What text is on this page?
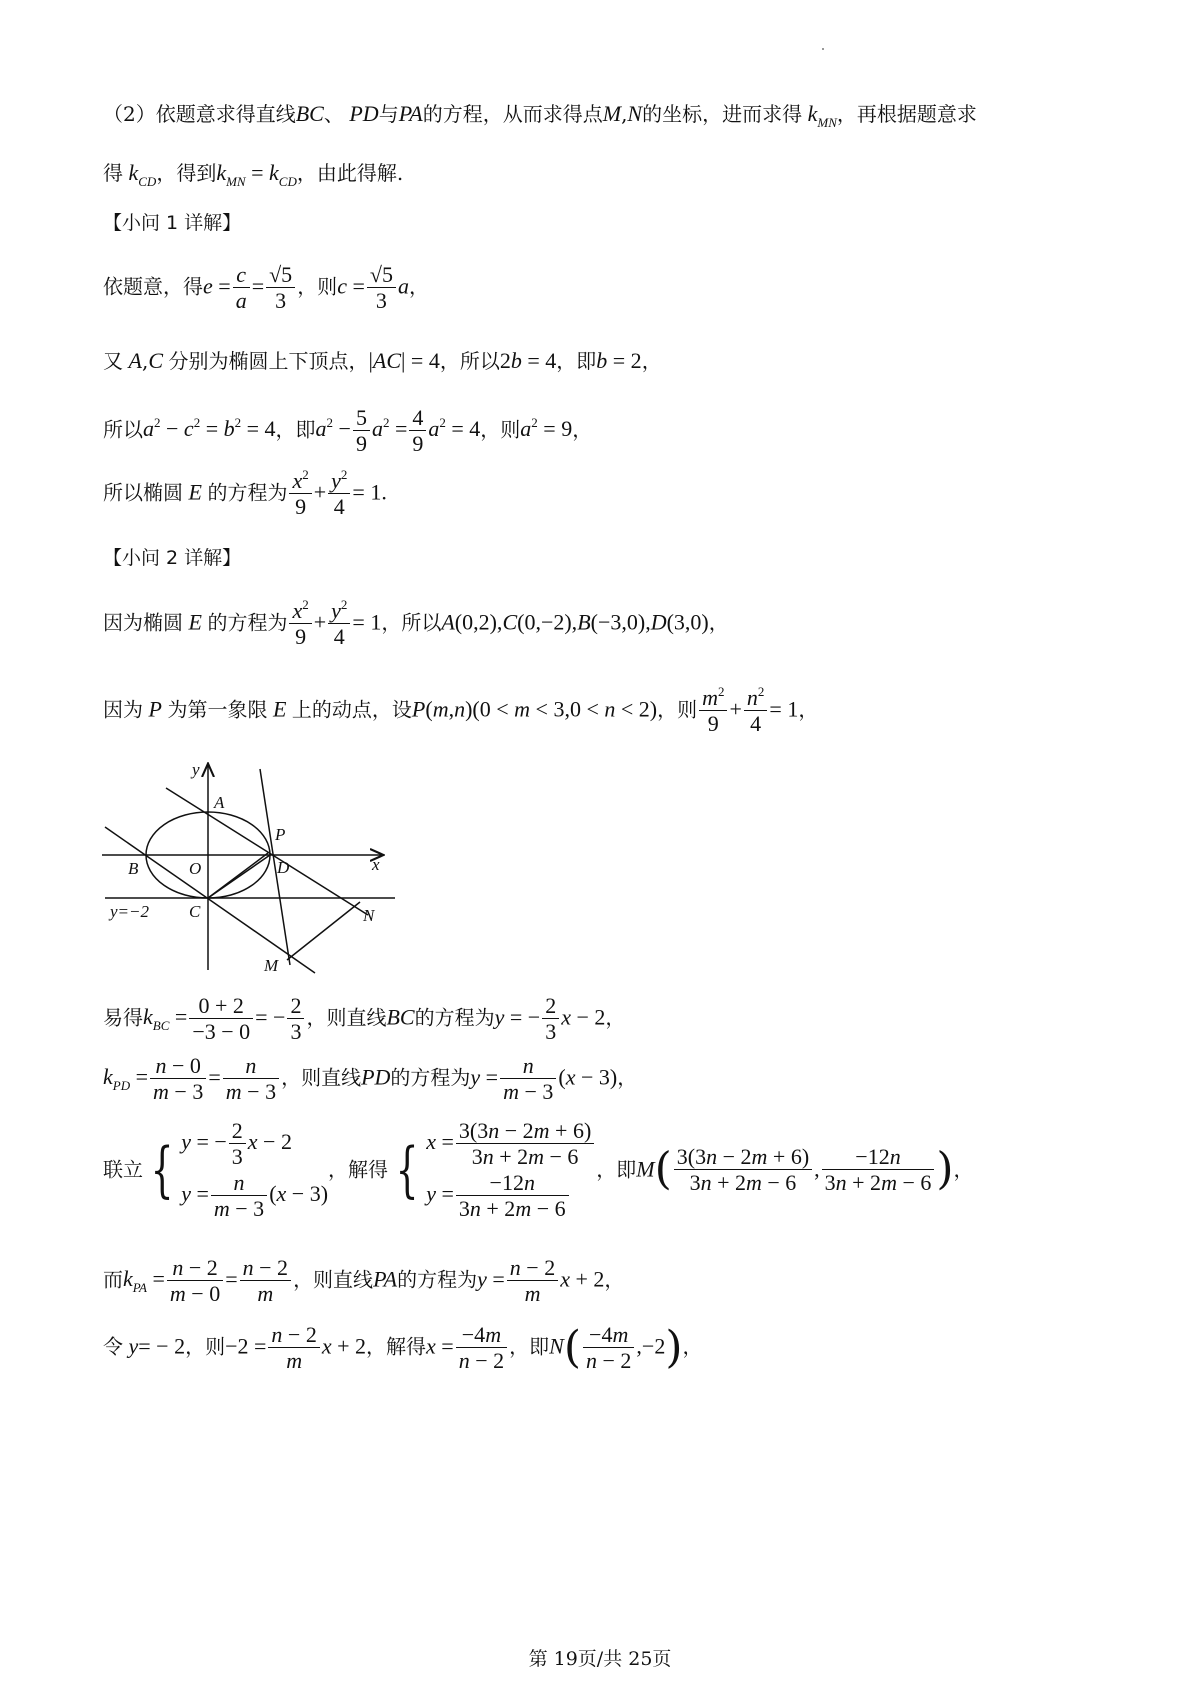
（2）依题意求得直线BC、 PD与PA的方程，从而求得点M,N的坐标，进而求得 $k_{MN}$，再根据题意求
得 $k_{CD}$，得到$k_{MN} = k_{CD}$，由此得解.
【小问 1 详解】
依题意，得$e = \frac{c}{a} = \frac{√5}{3}$ ，则$c = \frac{√5}{3}$ a，
又 A,C 分别为椭圆上下顶点，|AC| = 4，所以2b = 4，即b = 2，
所以$a^2 - c^2 = b^2 = 4$，即$a^2 - \frac{5}{9} a^2 = \frac{4}{9} a^2 = 4$，则$a^2 = 9$，
所以椭圆 E 的方程为 $\frac{x^2}{9} + \frac{y^2}{4} = 1$.
【小问 2 详解】
因为椭圆 E 的方程为 $\frac{x^2}{9} + \frac{y^2}{4} = 1$，所以A(0,2),C(0,−2),B(−3,0),D(3,0)，
因为 P 为第一象限 E 上的动点，设P(m,n)(0 < m < 3,0 < n < 2)，则 $\frac{m^2}{9} + \frac{n^2}{4} = 1$，
y
x
A
B	O
C
D
P
M
N
y=−2
易得$k_{BC} = \frac{0 + 2}{-3 - 0}$ = − $\frac{2}{3}$ ，则直线BC的方程为y = − $\frac{2}{3}$ x − 2，
$k_{PD} = \frac{n - 0}{m - 3} = \frac{n}{m - 3}$ ，则直线PD的方程为$y = \frac{n}{m - 3} (x - 3)$，
联立 { y = − $\frac{2}{3}$ x − 2
$y = \frac{n}{m - 3} (x - 3)$
，解得 { $x = \frac{3(3n - 2m + 6)}{3n + 2m - 6}$
$y = \frac{-12n}{3n + 2m - 6}$ ，即$M( \frac{3(3n - 2m + 6)}{3n + 2m - 6}$ , $\frac{-12n}{3n + 2m - 6}$ )，
而$k_{PA} = \frac{n - 2}{m - 0} = \frac{n - 2}{m}$ ，则直线PA的方程为$y = \frac{n - 2}{m}$ x + 2，
令 y= − 2，则$-2 = \frac{n - 2}{m}$ x + 2，解得$x = \frac{-4m}{n - 2}$ ，即$N( \frac{-4m}{n - 2} ,-2)$，
第 19页/共 25页
